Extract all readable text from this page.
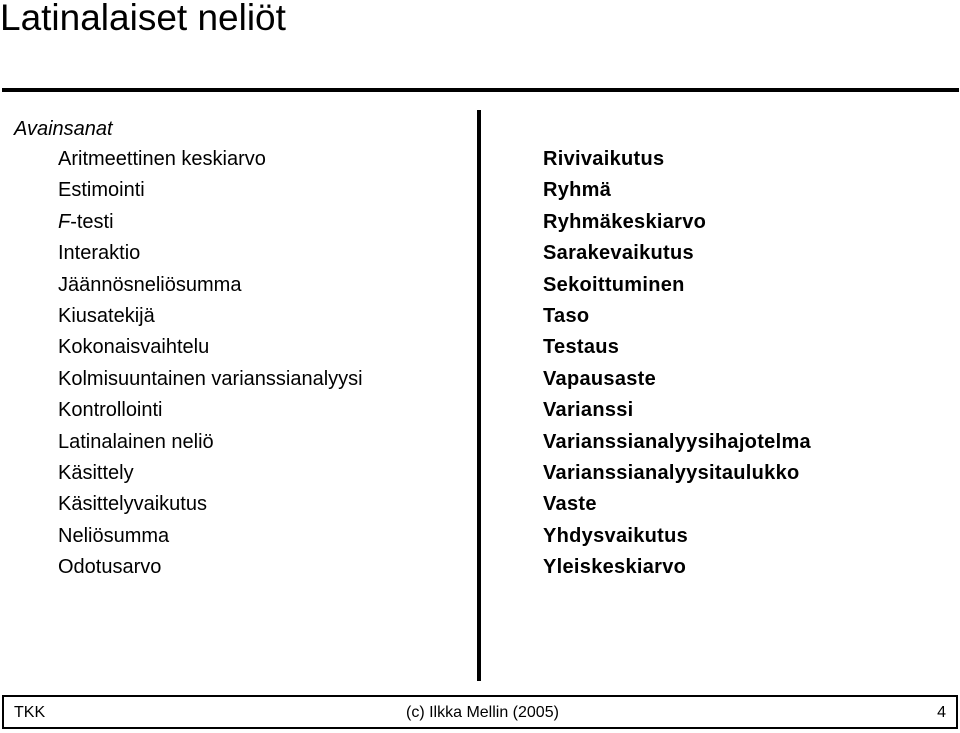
Latinalaiset neliöt
Avainsanat
Aritmeettinen keskiarvo
Estimointi
F-testi
Interaktio
Jäännösneliösumma
Kiusatekijä
Kokonaisvaihtelu
Kolmisuuntainen varianssianalyysi
Kontrollointi
Latinalainen neliö
Käsittely
Käsittelyvaikutus
Neliösumma
Odotusarvo
Rivivaikutus
Ryhmä
Ryhmäkeskiarvo
Sarakevaikutus
Sekoittuminen
Taso
Testaus
Vapausaste
Varianssi
Varianssianalyysihajotelma
Varianssianalyysitaulukko
Vaste
Yhdysvaikutus
Yleiskeskiarvo
TKK	(c) Ilkka Mellin (2005)	4
